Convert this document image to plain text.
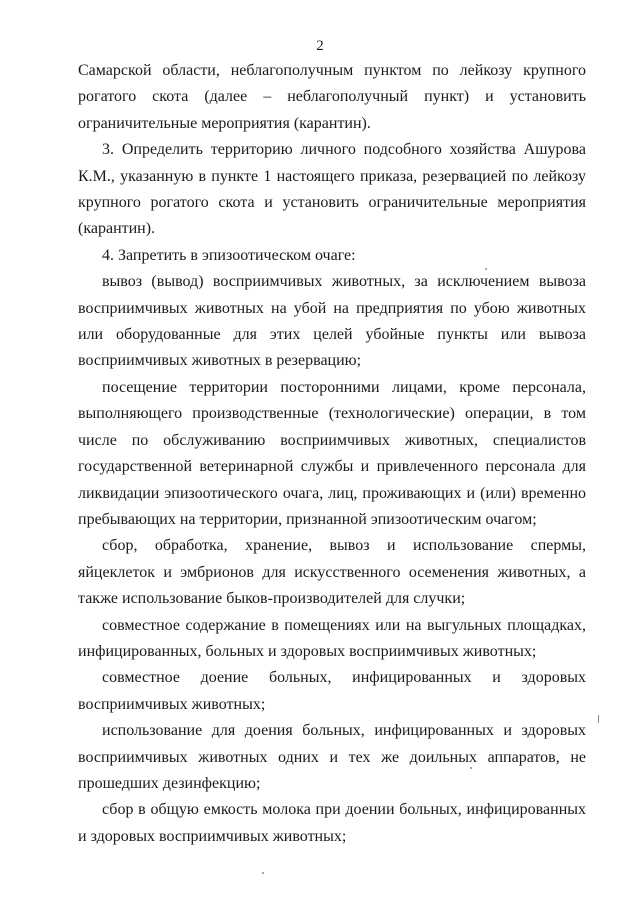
2

Самарской области, неблагополучным пунктом по лейкозу крупного рогатого скота (далее – неблагополучный пункт) и установить ограничительные мероприятия (карантин).

3. Определить территорию личного подсобного хозяйства Ашурова К.М., указанную в пункте 1 настоящего приказа, резервацией по лейкозу крупного рогатого скота и установить ограничительные мероприятия (карантин).

4. Запретить в эпизоотическом очаге:

вывоз (вывод) восприимчивых животных, за исключением вывоза восприимчивых животных на убой на предприятия по убою животных или оборудованные для этих целей убойные пункты или вывоза восприимчивых животных в резервацию;

посещение территории посторонними лицами, кроме персонала, выполняющего производственные (технологические) операции, в том числе по обслуживанию восприимчивых животных, специалистов государственной ветеринарной службы и привлеченного персонала для ликвидации эпизоотического очага, лиц, проживающих и (или) временно пребывающих на территории, признанной эпизоотическим очагом;

сбор, обработка, хранение, вывоз и использование спермы, яйцеклеток и эмбрионов для искусственного осеменения животных, а также использование быков-производителей для случки;

совместное содержание в помещениях или на выгульных площадках, инфицированных, больных и здоровых восприимчивых животных;

совместное доение больных, инфицированных и здоровых восприимчивых животных;

использование для доения больных, инфицированных и здоровых восприимчивых животных одних и тех же доильных аппаратов, не прошедших дезинфекцию;

сбор в общую емкость молока при доении больных, инфицированных и здоровых восприимчивых животных;
